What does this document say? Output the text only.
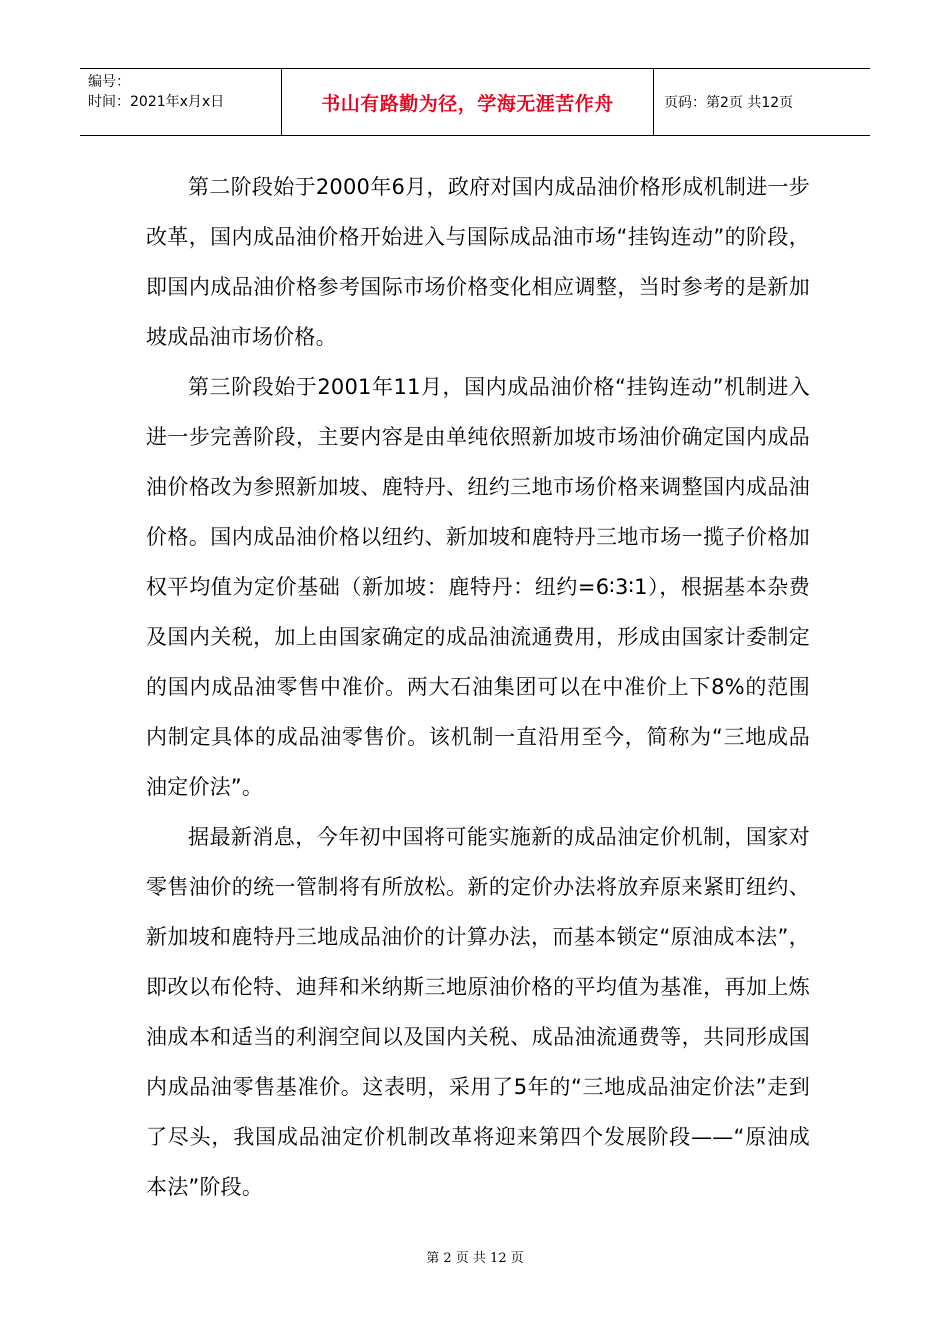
编号：
时间：2021年x月x日	书山有路勤为径，学海无涯苦作舟	页码：第2页 共12页

第二阶段始于2000年6月，政府对国内成品油价格形成机制进一步改革，国内成品油价格开始进入与国际成品油市场“挂钩连动”的阶段，即国内成品油价格参考国际市场价格变化相应调整，当时参考的是新加坡成品油市场价格。

第三阶段始于2001年11月，国内成品油价格“挂钩连动”机制进入进一步完善阶段，主要内容是由单纯依照新加坡市场油价确定国内成品油价格改为参照新加坡、鹿特丹、纽约三地市场价格来调整国内成品油价格。国内成品油价格以纽约、新加坡和鹿特丹三地市场一揽子价格加权平均值为定价基础（新加坡：鹿特丹：纽约=6∶3∶1），根据基本杂费及国内关税，加上由国家确定的成品油流通费用，形成由国家计委制定的国内成品油零售中准价。两大石油集团可以在中准价上下8%的范围内制定具体的成品油零售价。该机制一直沿用至今，简称为“三地成品油定价法”。

据最新消息，今年初中国将可能实施新的成品油定价机制，国家对零售油价的统一管制将有所放松。新的定价办法将放弃原来紧盯纽约、新加坡和鹿特丹三地成品油价的计算办法，而基本锁定“原油成本法”，即改以布伦特、迪拜和米纳斯三地原油价格的平均值为基准，再加上炼油成本和适当的利润空间以及国内关税、成品油流通费等，共同形成国内成品油零售基准价。这表明，采用了5年的“三地成品油定价法”走到了尽头，我国成品油定价机制改革将迎来第四个发展阶段——“原油成本法”阶段。

第 2 页 共 12 页
